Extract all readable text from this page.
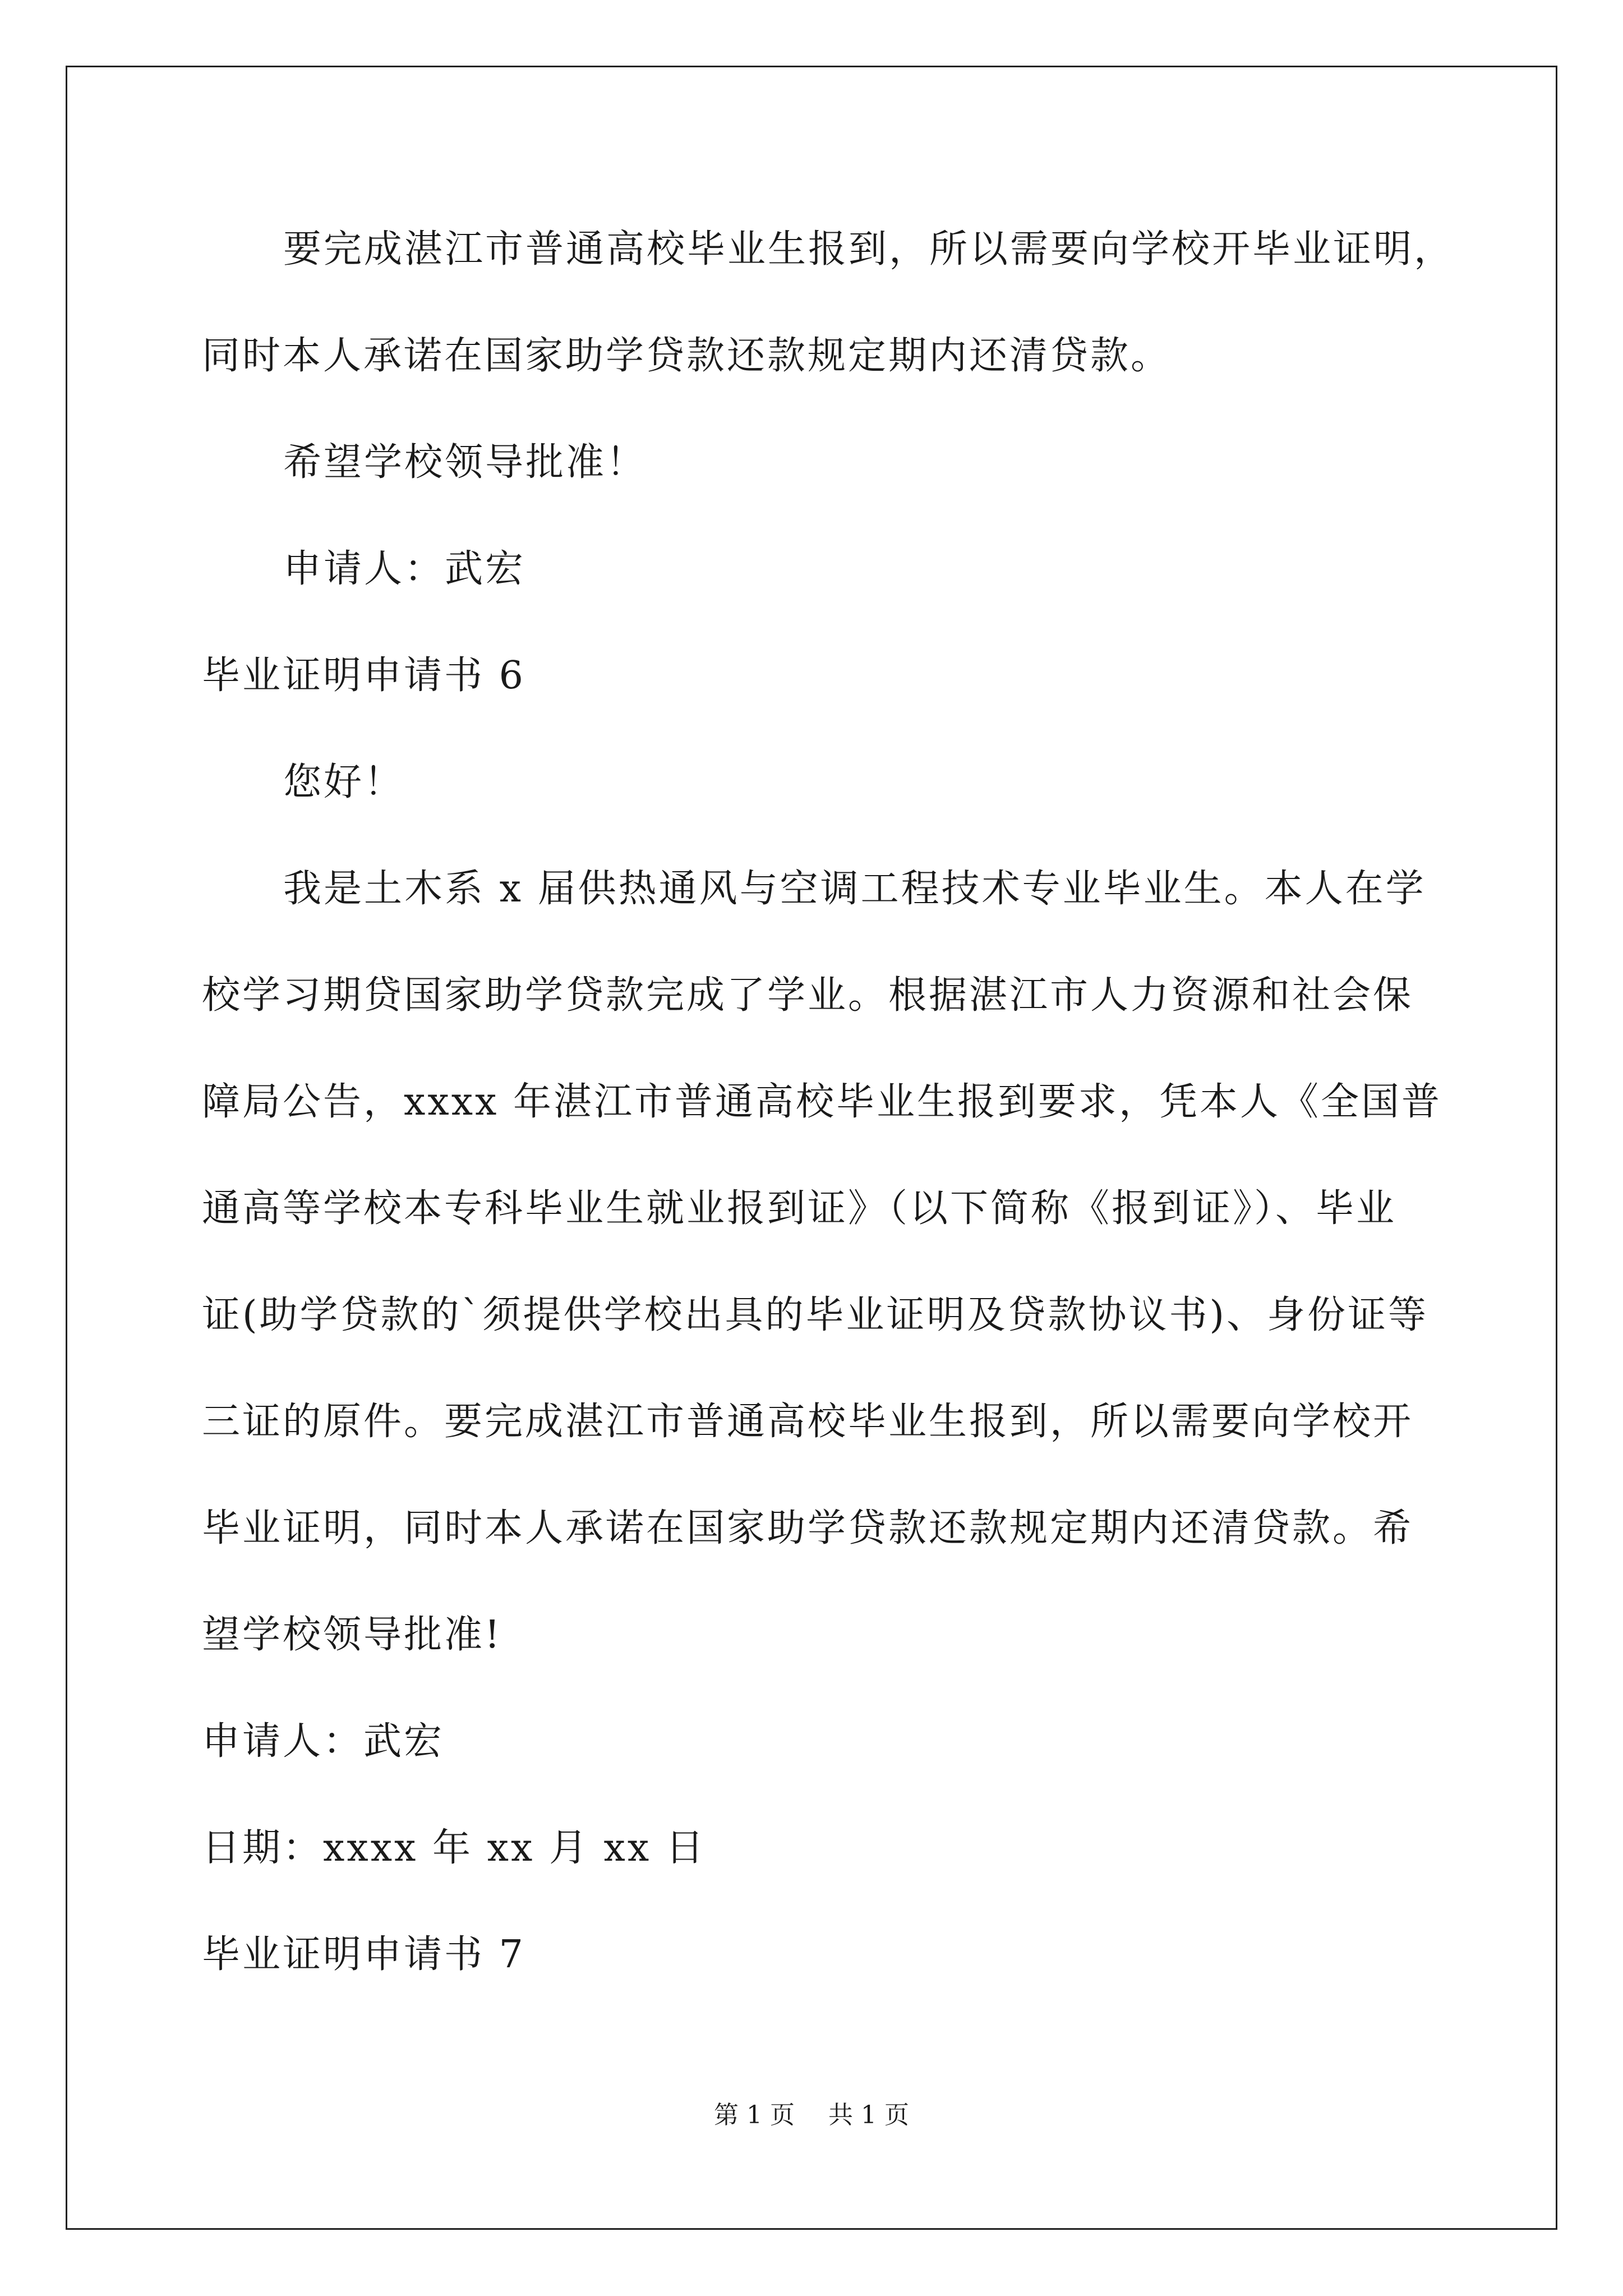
要完成湛江市普通高校毕业生报到，所以需要向学校开毕业证明，
同时本人承诺在国家助学贷款还款规定期内还清贷款。
希望学校领导批准！
申请人：武宏
毕业证明申请书 6
您好！
我是土木系 x 届供热通风与空调工程技术专业毕业生。本人在学
校学习期贷国家助学贷款完成了学业。根据湛江市人力资源和社会保
障局公告，xxxx 年湛江市普通高校毕业生报到要求，凭本人《全国普
通高等学校本专科毕业生就业报到证》（以下简称《报到证》）、毕业
证(助学贷款的`须提供学校出具的毕业证明及贷款协议书)、身份证等
三证的原件。要完成湛江市普通高校毕业生报到，所以需要向学校开
毕业证明，同时本人承诺在国家助学贷款还款规定期内还清贷款。希
望学校领导批准!
申请人：武宏
日期：xxxx 年 xx 月 xx 日
毕业证明申请书 7
第 1 页 共 1 页
